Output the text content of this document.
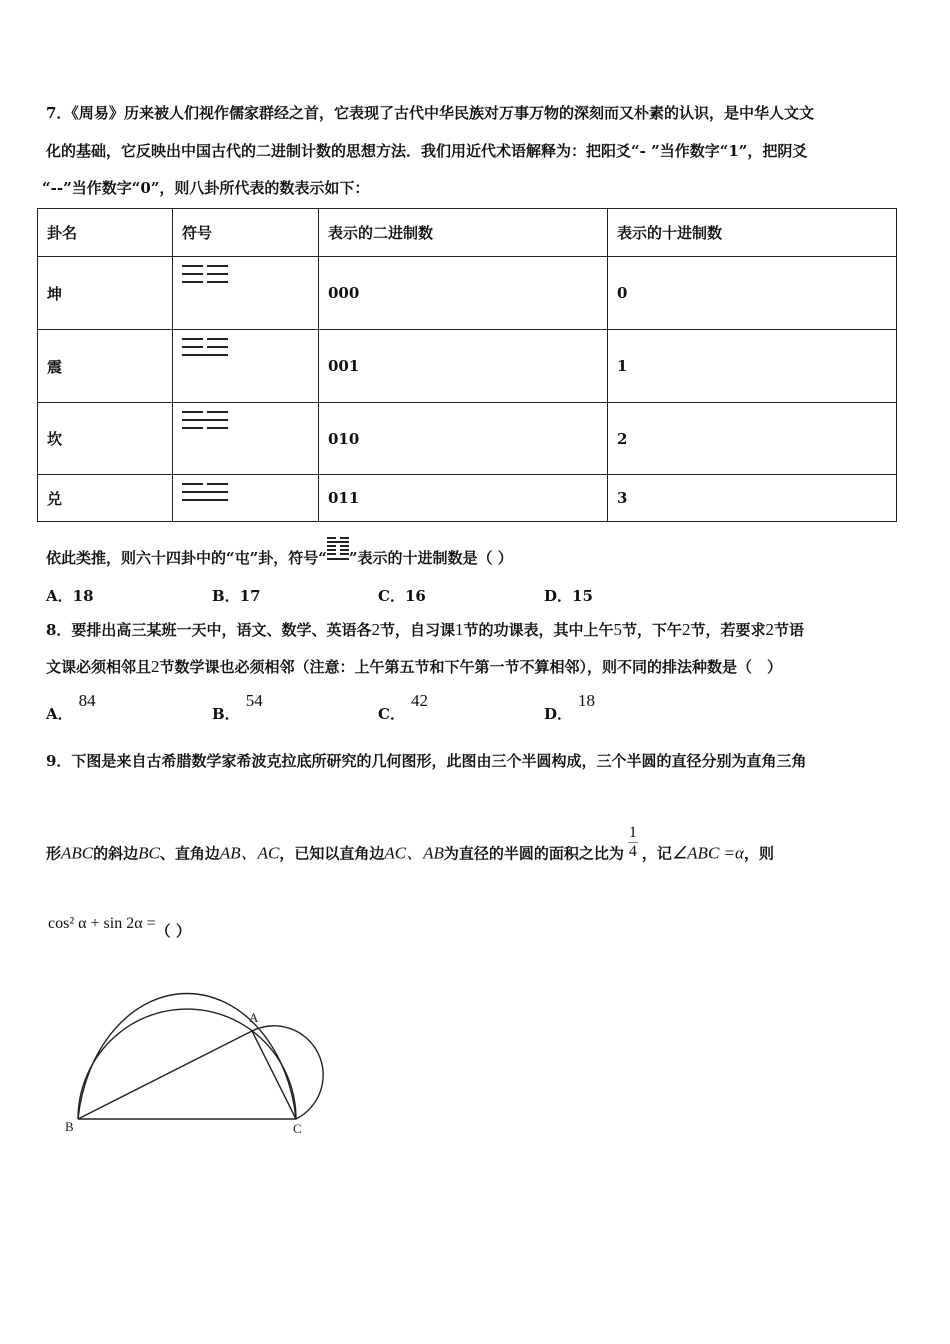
7．《周易》历来被人们视作儒家群经之首，它表现了古代中华民族对万事万物的深刻而又朴素的认识，是中华人文文
化的基础，它反映出中国古代的二进制计数的思想方法．我们用近代术语解释为：把阳爻“- ”当作数字“1”，把阴爻
“--”当作数字“0”，则八卦所代表的数表示如下：
卦名	符号	表示的二进制数	表示的十进制数
坤		000	0
震		001	1
坎		010	2
兑		011	3
依此类推，则六十四卦中的“屯”卦，符号“ ”表示的十进制数是（ ）
A．18	B．17	C．16	D．15
8．要排出高三某班一天中，语文、数学、英语各2节，自习课1节的功课表，其中上午5节，下午2节，若要求2节语
文课必须相邻且2节数学课也必须相邻（注意：上午第五节和下午第一节不算相邻），则不同的排法种数是（　）
A．84
B．54
C．42
D．18
9．下图是来自古希腊数学家希波克拉底所研究的几何图形，此图由三个半圆构成，三个半圆的直径分别为直角三角
形ABC的斜边BC、直角边AB、AC，已知以直角边AC、AB为直径的半圆的面积之比为 $\frac{1}{4}$ ，记∠ABC =α，则
cos² α + sin 2α =（ ）
A
B	C
